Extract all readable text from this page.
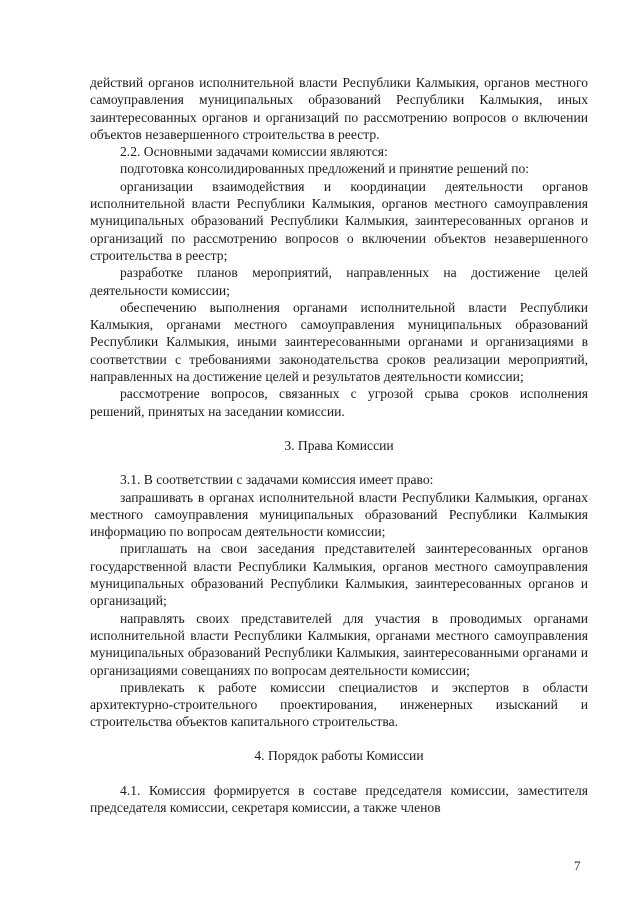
действий органов исполнительной власти Республики Калмыкия, органов местного самоуправления муниципальных образований Республики Калмыкия, иных заинтересованных органов и организаций по рассмотрению вопросов о включении объектов незавершенного строительства в реестр.

2.2. Основными задачами комиссии являются:

подготовка консолидированных предложений и принятие решений по:

организации взаимодействия и координации деятельности органов исполнительной власти Республики Калмыкия, органов местного самоуправления муниципальных образований Республики Калмыкия, заинтересованных органов и организаций по рассмотрению вопросов о включении объектов незавершенного строительства в реестр;

разработке планов мероприятий, направленных на достижение целей деятельности комиссии;

обеспечению выполнения органами исполнительной власти Республики Калмыкия, органами местного самоуправления муниципальных образований Республики Калмыкия, иными заинтересованными органами и организациями в соответствии с требованиями законодательства сроков реализации мероприятий, направленных на достижение целей и результатов деятельности комиссии;

рассмотрение вопросов, связанных с угрозой срыва сроков исполнения решений, принятых на заседании комиссии.

3. Права Комиссии

3.1. В соответствии с задачами комиссия имеет право:

запрашивать в органах исполнительной власти Республики Калмыкия, органах местного самоуправления муниципальных образований Республики Калмыкия информацию по вопросам деятельности комиссии;

приглашать на свои заседания представителей заинтересованных органов государственной власти Республики Калмыкия, органов местного самоуправления муниципальных образований Республики Калмыкия, заинтересованных органов и организаций;

направлять своих представителей для участия в проводимых органами исполнительной власти Республики Калмыкия, органами местного самоуправления муниципальных образований Республики Калмыкия, заинтересованными органами и организациями совещаниях по вопросам деятельности комиссии;

привлекать к работе комиссии специалистов и экспертов в области архитектурно-строительного проектирования, инженерных изысканий и строительства объектов капитального строительства.

4. Порядок работы Комиссии

4.1. Комиссия формируется в составе председателя комиссии, заместителя председателя комиссии, секретаря комиссии, а также членов

7
